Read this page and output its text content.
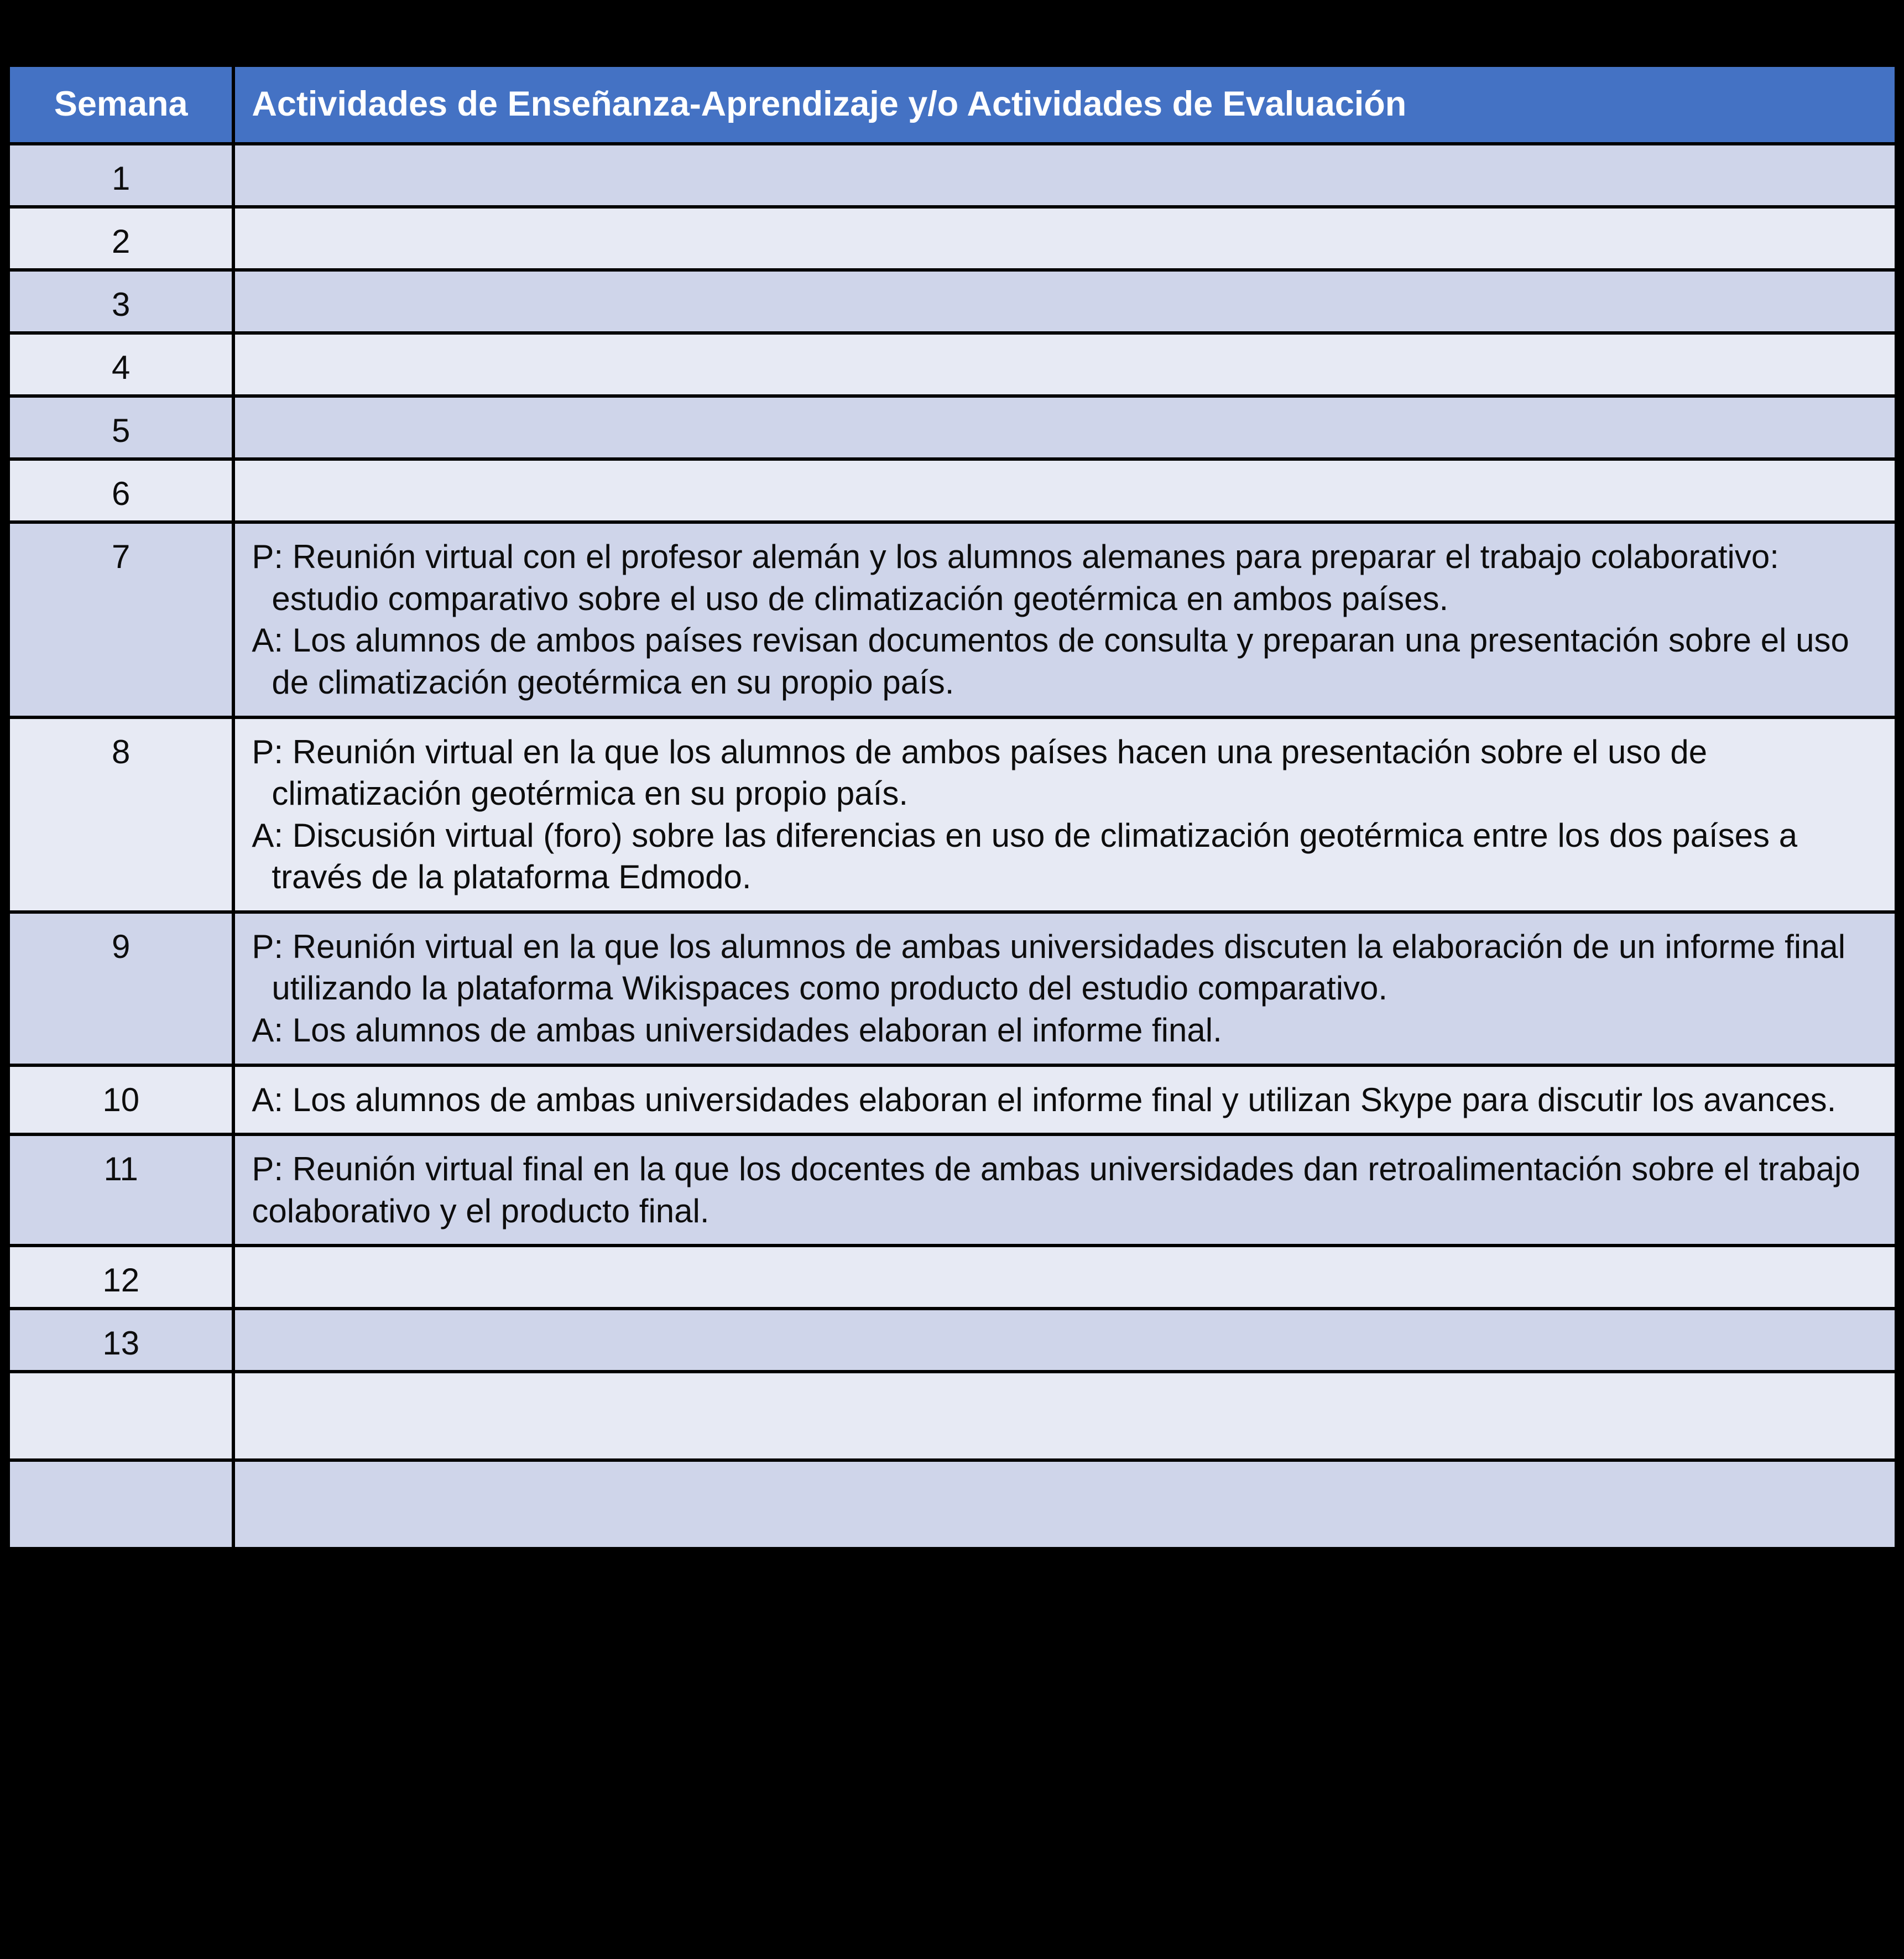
Semana	Actividades de Enseñanza-Aprendizaje y/o Actividades de Evaluación
1	
2	
3	
4	
5	
6	
7	P: Reunión virtual con el profesor alemán y los alumnos alemanes para preparar el trabajo colaborativo: estudio comparativo sobre el uso de climatización geotérmica en ambos países.

A: Los alumnos de ambos países revisan documentos de consulta y preparan una presentación sobre el uso de climatización geotérmica en su propio país.

8	P: Reunión virtual en la que los alumnos de ambos países hacen una presentación sobre el uso de climatización geotérmica en su propio país.

A: Discusión virtual (foro) sobre las diferencias en uso de climatización geotérmica entre los dos países a través de la plataforma Edmodo.

9	P: Reunión virtual en la que los alumnos de ambas universidades discuten la elaboración de un informe final utilizando la plataforma Wikispaces como producto del estudio comparativo.

A: Los alumnos de ambas universidades elaboran el informe final.

10	A: Los alumnos de ambas universidades elaboran el informe final y utilizan Skype para discutir los avances.

11	P: Reunión virtual final en la que los docentes de ambas universidades dan retroalimentación sobre el trabajo colaborativo y el producto final.

12	
13	
